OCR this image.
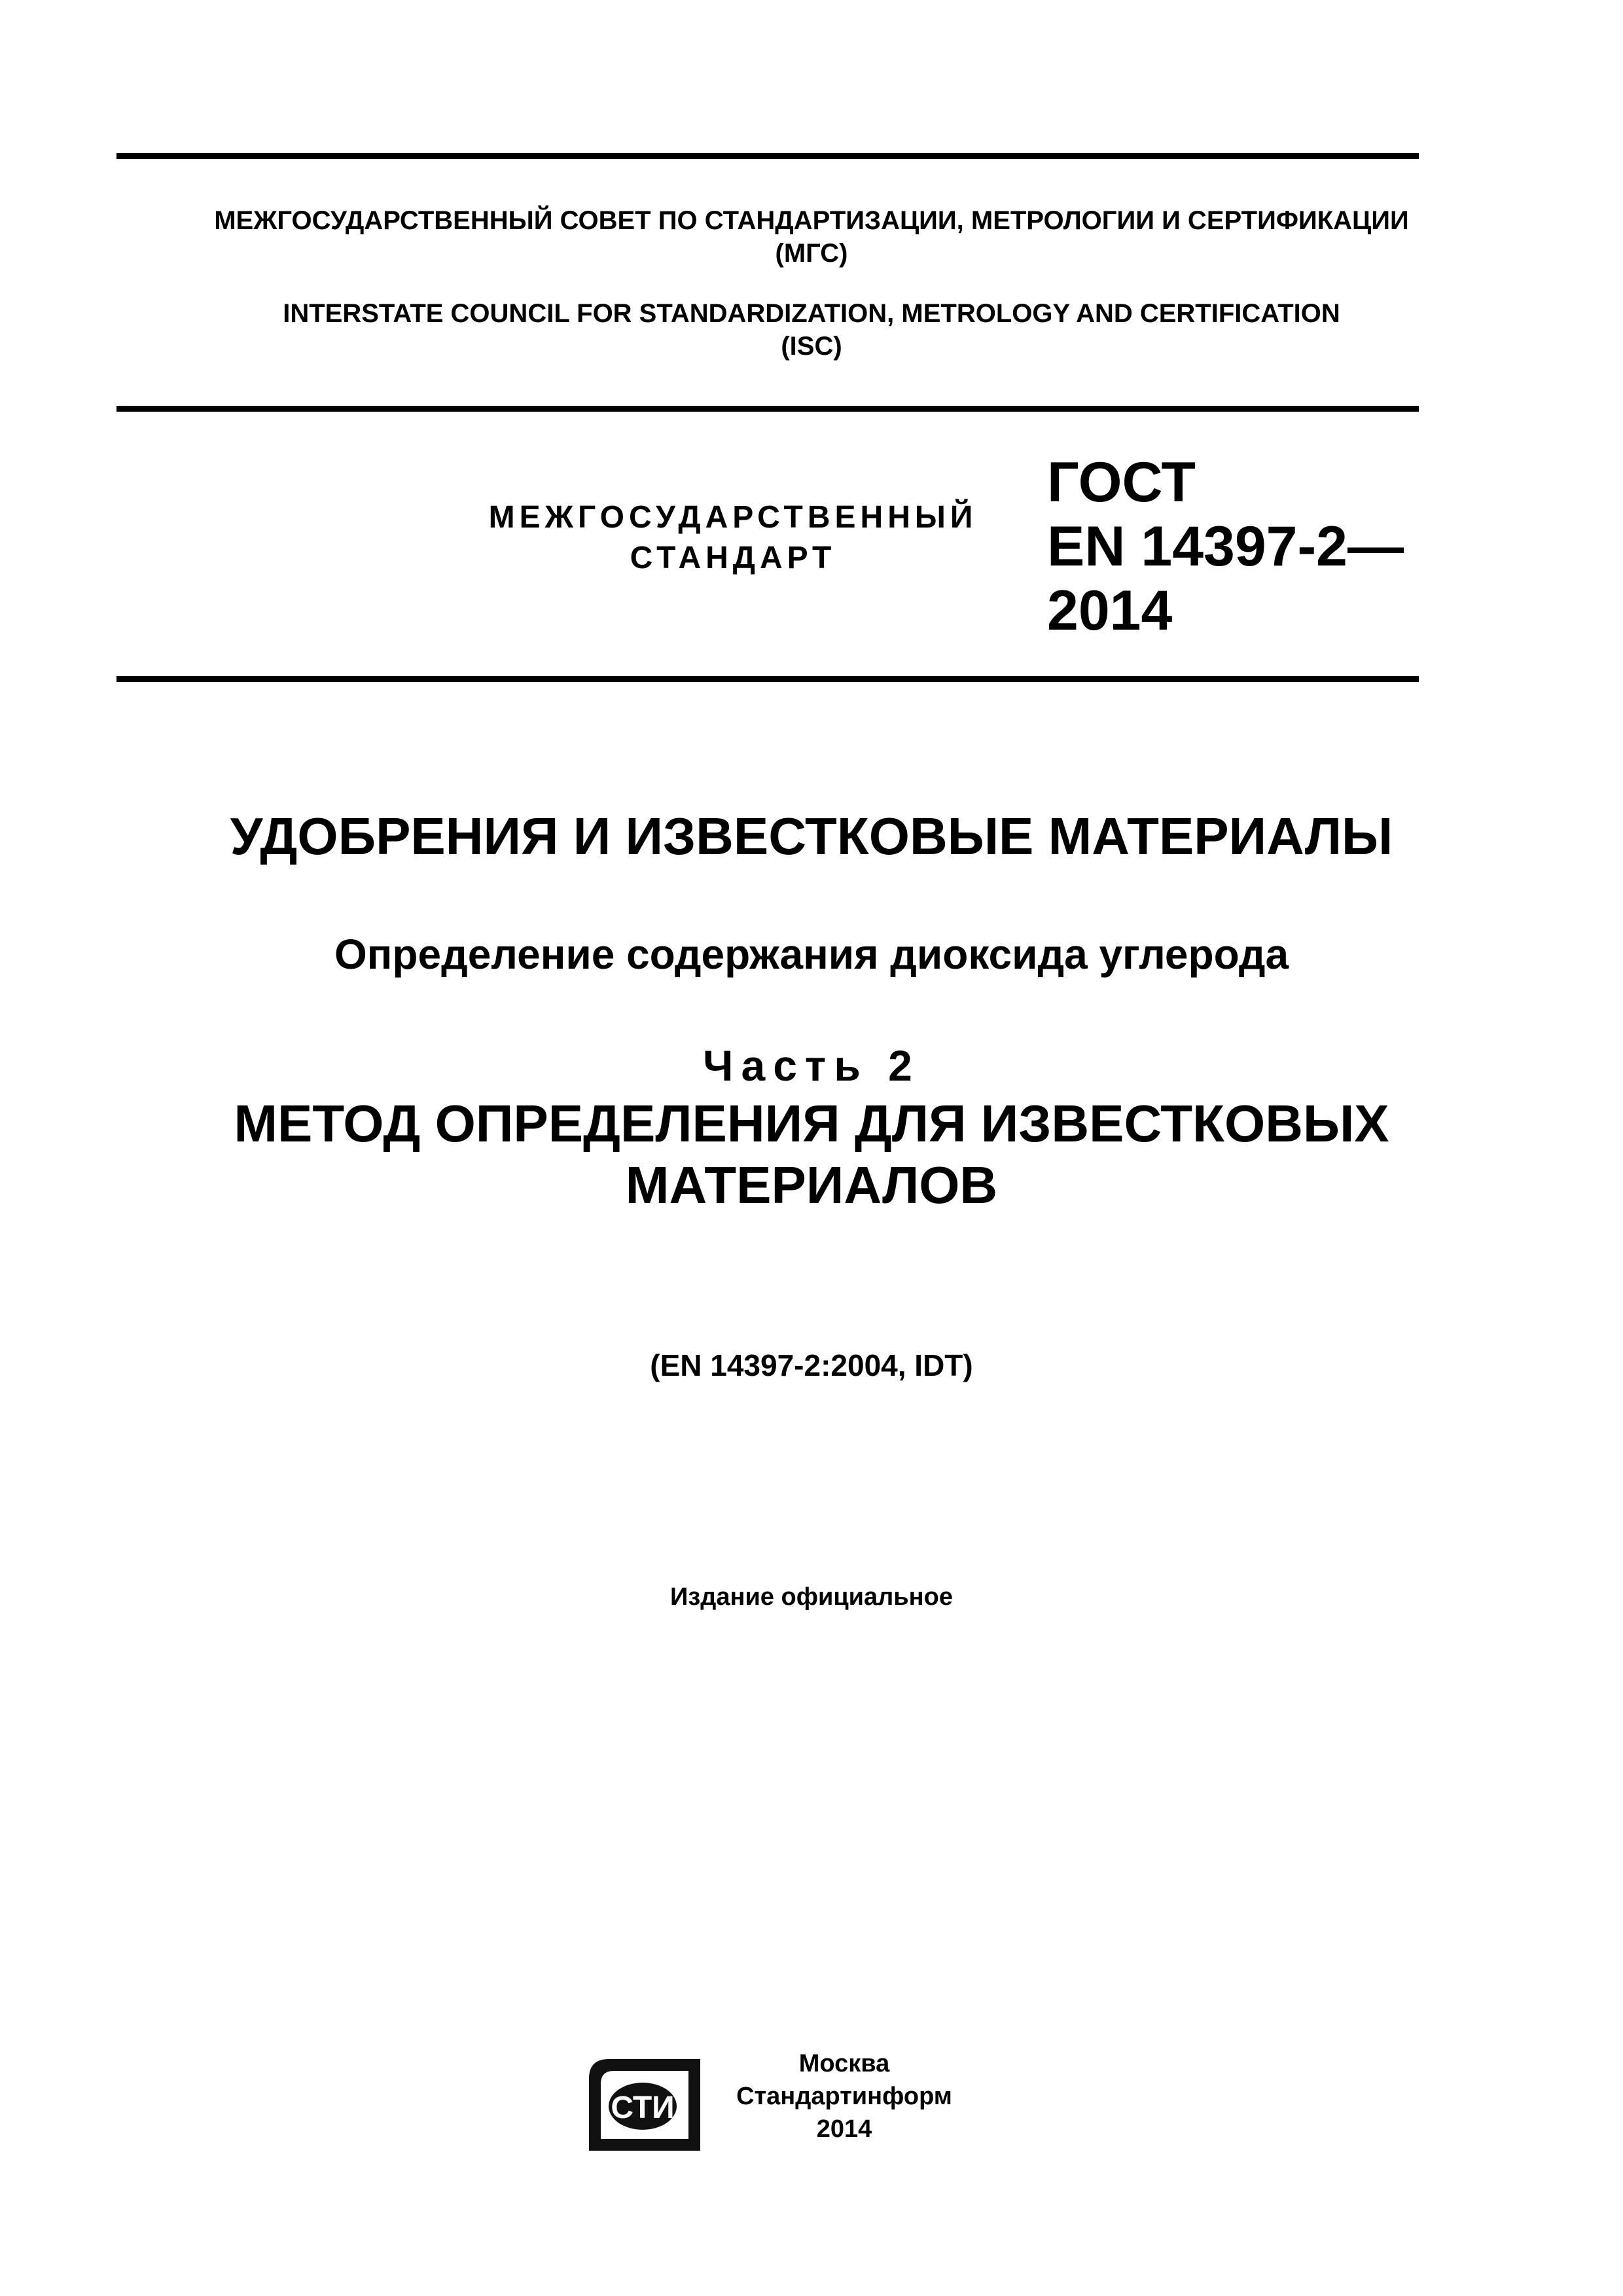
МЕЖГОСУДАРСТВЕННЫЙ СОВЕТ ПО СТАНДАРТИЗАЦИИ, МЕТРОЛОГИИ И СЕРТИФИКАЦИИ
(МГС)
INTERSTATE COUNCIL FOR STANDARDIZATION, METROLOGY AND CERTIFICATION
(ISC)
МЕЖГОСУДАРСТВЕННЫЙ
СТАНДАРТ
ГОСТ
EN 14397-2—
2014
УДОБРЕНИЯ И ИЗВЕСТКОВЫЕ МАТЕРИАЛЫ
Определение содержания диоксида углерода
Часть 2
МЕТОД ОПРЕДЕЛЕНИЯ ДЛЯ ИЗВЕСТКОВЫХ
МАТЕРИАЛОВ
(EN 14397-2:2004, IDT)
Издание официальное
СТИ
Москва
Стандартинформ
2014
